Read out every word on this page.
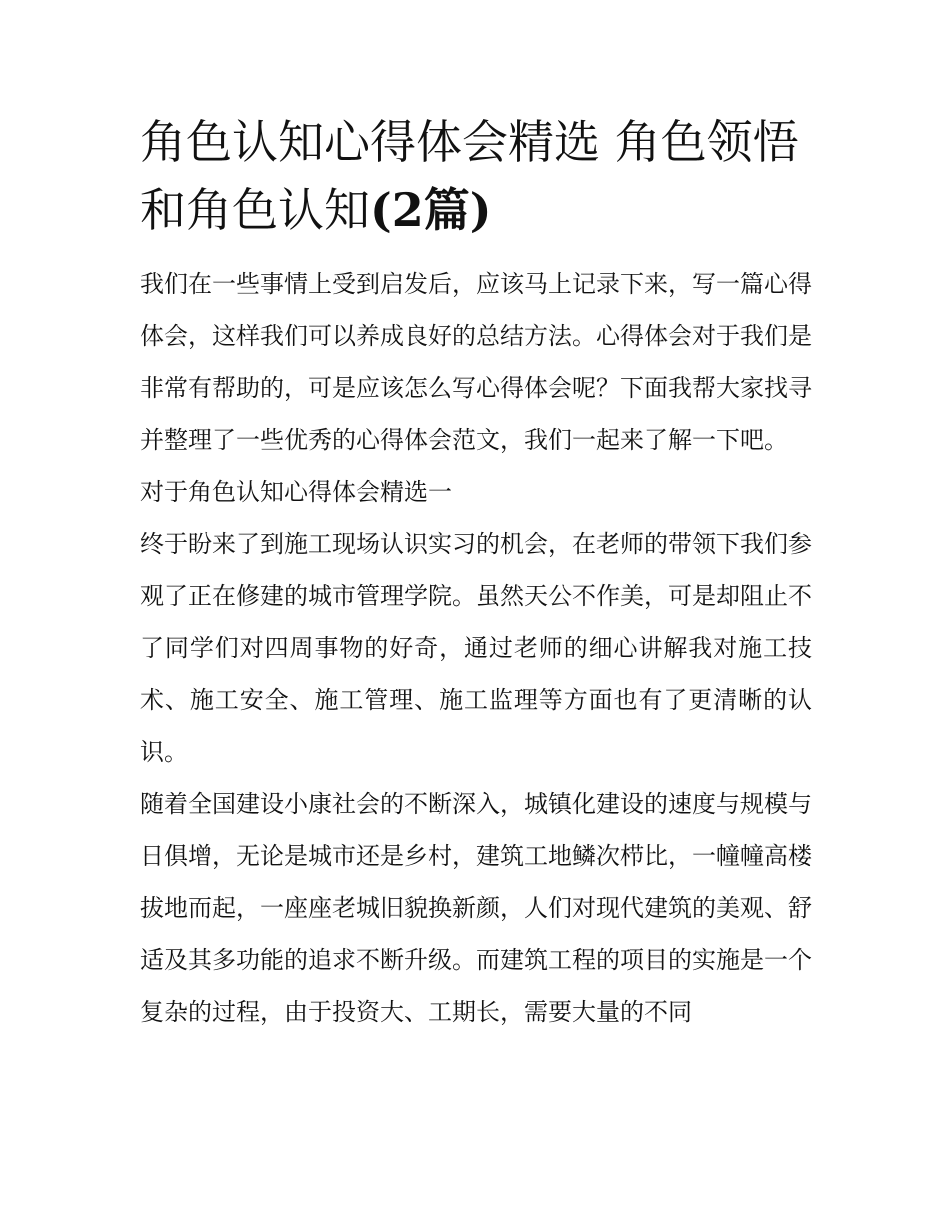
角色认知心得体会精选 角色领悟和角色认知(2篇)

我们在一些事情上受到启发后，应该马上记录下来，写一篇心得体会，这样我们可以养成良好的总结方法。心得体会对于我们是非常有帮助的，可是应该怎么写心得体会呢？下面我帮大家找寻并整理了一些优秀的心得体会范文，我们一起来了解一下吧。

对于角色认知心得体会精选一

终于盼来了到施工现场认识实习的机会，在老师的带领下我们参观了正在修建的城市管理学院。虽然天公不作美，可是却阻止不了同学们对四周事物的好奇，通过老师的细心讲解我对施工技术、施工安全、施工管理、施工监理等方面也有了更清晰的认识。

随着全国建设小康社会的不断深入，城镇化建设的速度与规模与日俱增，无论是城市还是乡村，建筑工地鳞次栉比，一幢幢高楼拔地而起，一座座老城旧貌换新颜，人们对现代建筑的美观、舒适及其多功能的追求不断升级。而建筑工程的项目的实施是一个复杂的过程，由于投资大、工期长，需要大量的不同
